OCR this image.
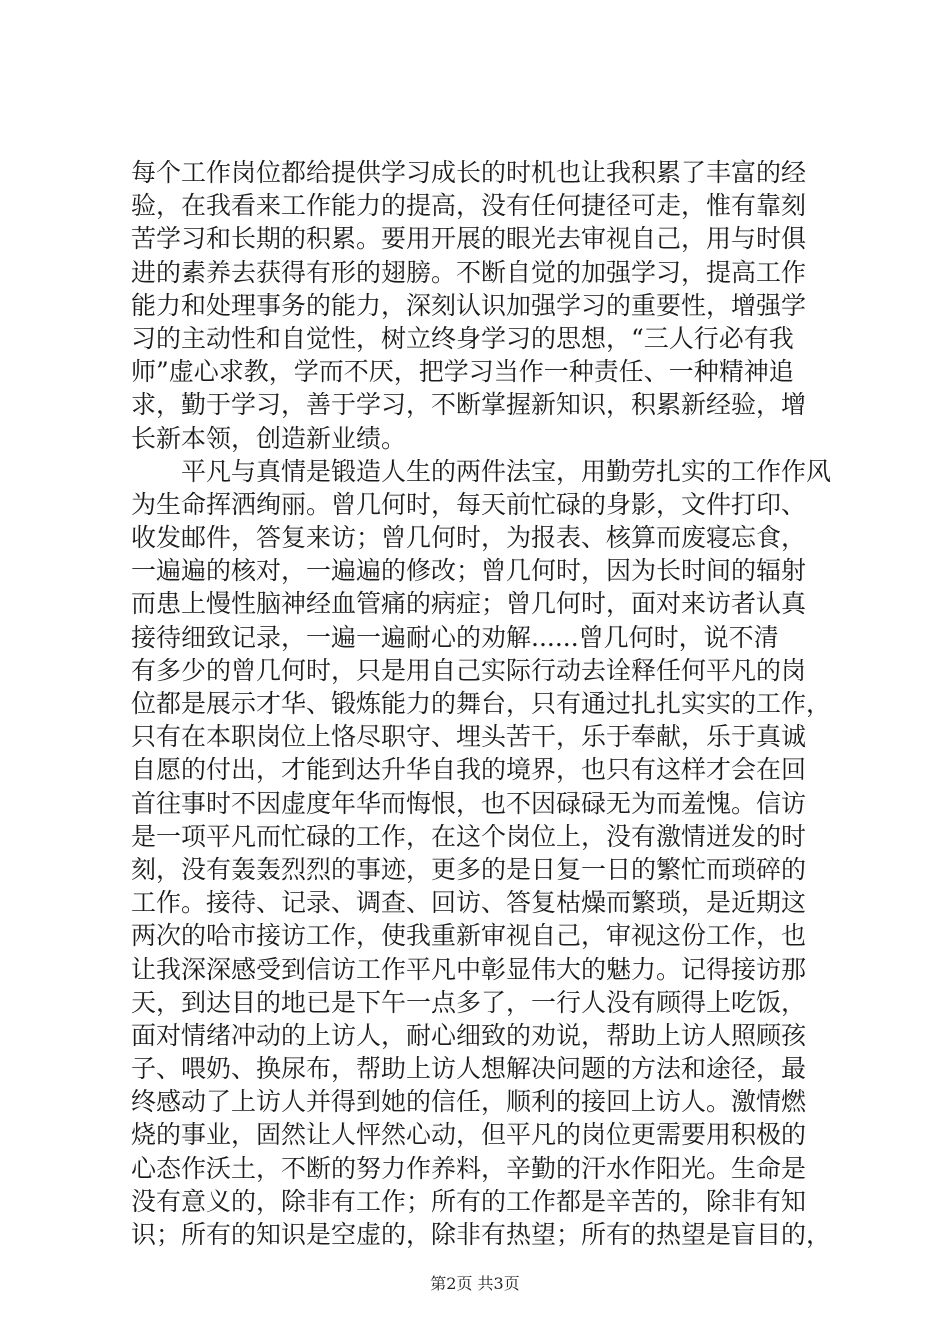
每个工作岗位都给提供学习成长的时机也让我积累了丰富的经
验，在我看来工作能力的提高，没有任何捷径可走，惟有靠刻
苦学习和长期的积累。要用开展的眼光去审视自己，用与时俱
进的素养去获得有形的翅膀。不断自觉的加强学习，提高工作
能力和处理事务的能力，深刻认识加强学习的重要性，增强学
习的主动性和自觉性，树立终身学习的思想，“三人行必有我
师”虚心求教，学而不厌，把学习当作一种责任、一种精神追
求，勤于学习，善于学习，不断掌握新知识，积累新经验，增
长新本领，创造新业绩。
　　平凡与真情是锻造人生的两件法宝，用勤劳扎实的工作作风
为生命挥洒绚丽。曾几何时，每天前忙碌的身影，文件打印、
收发邮件，答复来访；曾几何时，为报表、核算而废寝忘食，
一遍遍的核对，一遍遍的修改；曾几何时，因为长时间的辐射
而患上慢性脑神经血管痛的病症；曾几何时，面对来访者认真
接待细致记录，一遍一遍耐心的劝解......曾几何时，说不清
有多少的曾几何时，只是用自己实际行动去诠释任何平凡的岗
位都是展示才华、锻炼能力的舞台，只有通过扎扎实实的工作，
只有在本职岗位上恪尽职守、埋头苦干，乐于奉献，乐于真诚
自愿的付出，才能到达升华自我的境界，也只有这样才会在回
首往事时不因虚度年华而悔恨，也不因碌碌无为而羞愧。信访
是一项平凡而忙碌的工作，在这个岗位上，没有激情迸发的时
刻，没有轰轰烈烈的事迹，更多的是日复一日的繁忙而琐碎的
工作。接待、记录、调查、回访、答复枯燥而繁琐，是近期这
两次的哈市接访工作，使我重新审视自己，审视这份工作，也
让我深深感受到信访工作平凡中彰显伟大的魅力。记得接访那
天，到达目的地已是下午一点多了，一行人没有顾得上吃饭，
面对情绪冲动的上访人，耐心细致的劝说，帮助上访人照顾孩
子、喂奶、换尿布，帮助上访人想解决问题的方法和途径，最
终感动了上访人并得到她的信任，顺利的接回上访人。激情燃
烧的事业，固然让人怦然心动，但平凡的岗位更需要用积极的
心态作沃土，不断的努力作养料，辛勤的汗水作阳光。生命是
没有意义的，除非有工作；所有的工作都是辛苦的，除非有知
识；所有的知识是空虚的，除非有热望；所有的热望是盲目的，
第2页 共3页
